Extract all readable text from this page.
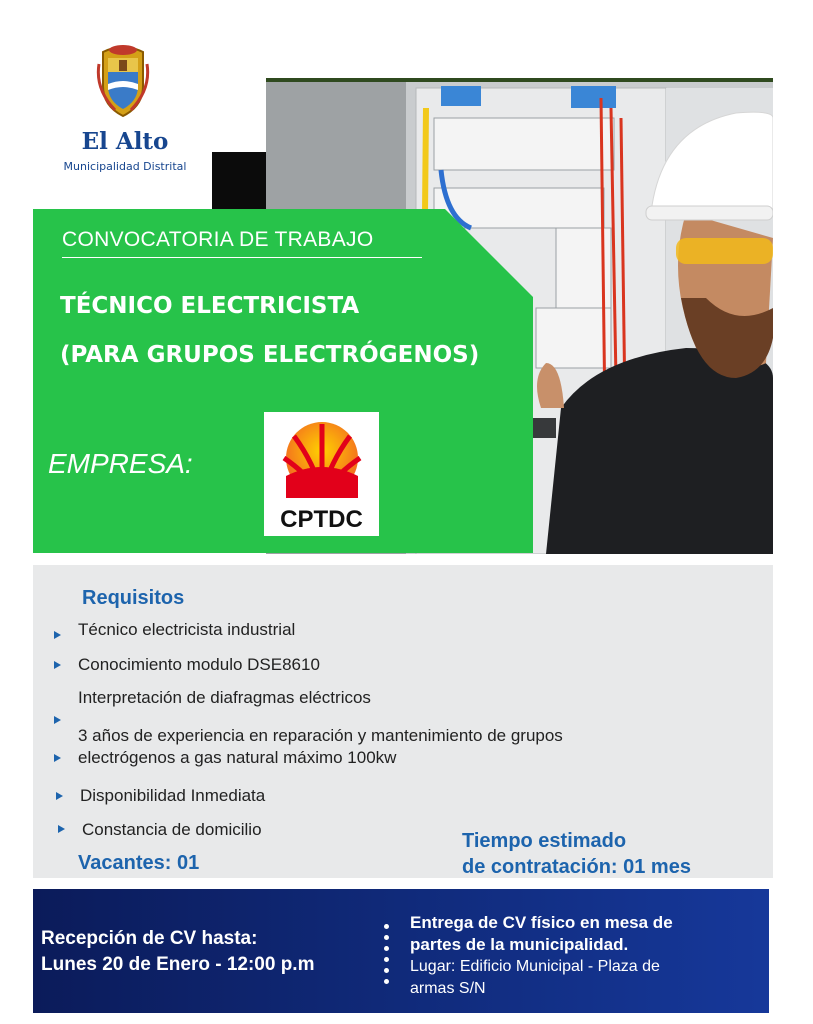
El Alto
Municipalidad Distrital
CONVOCATORIA DE TRABAJO
TÉCNICO ELECTRICISTA
(PARA GRUPOS ELECTRÓGENOS)
EMPRESA:
CPTDC
Requisitos
Técnico electricista industrial
Conocimiento modulo DSE8610
Interpretación de diafragmas eléctricos
3 años de experiencia en reparación y mantenimiento de grupos
electrógenos a gas natural máximo 100kw
Disponibilidad Inmediata
Constancia de domicilio
Vacantes: 01
Tiempo estimado
de contratación: 01 mes
Recepción de CV hasta:
Lunes 20 de Enero - 12:00 p.m
Entrega de CV físico en mesa de
partes de la municipalidad.
Lugar: Edificio Municipal - Plaza de
armas S/N
